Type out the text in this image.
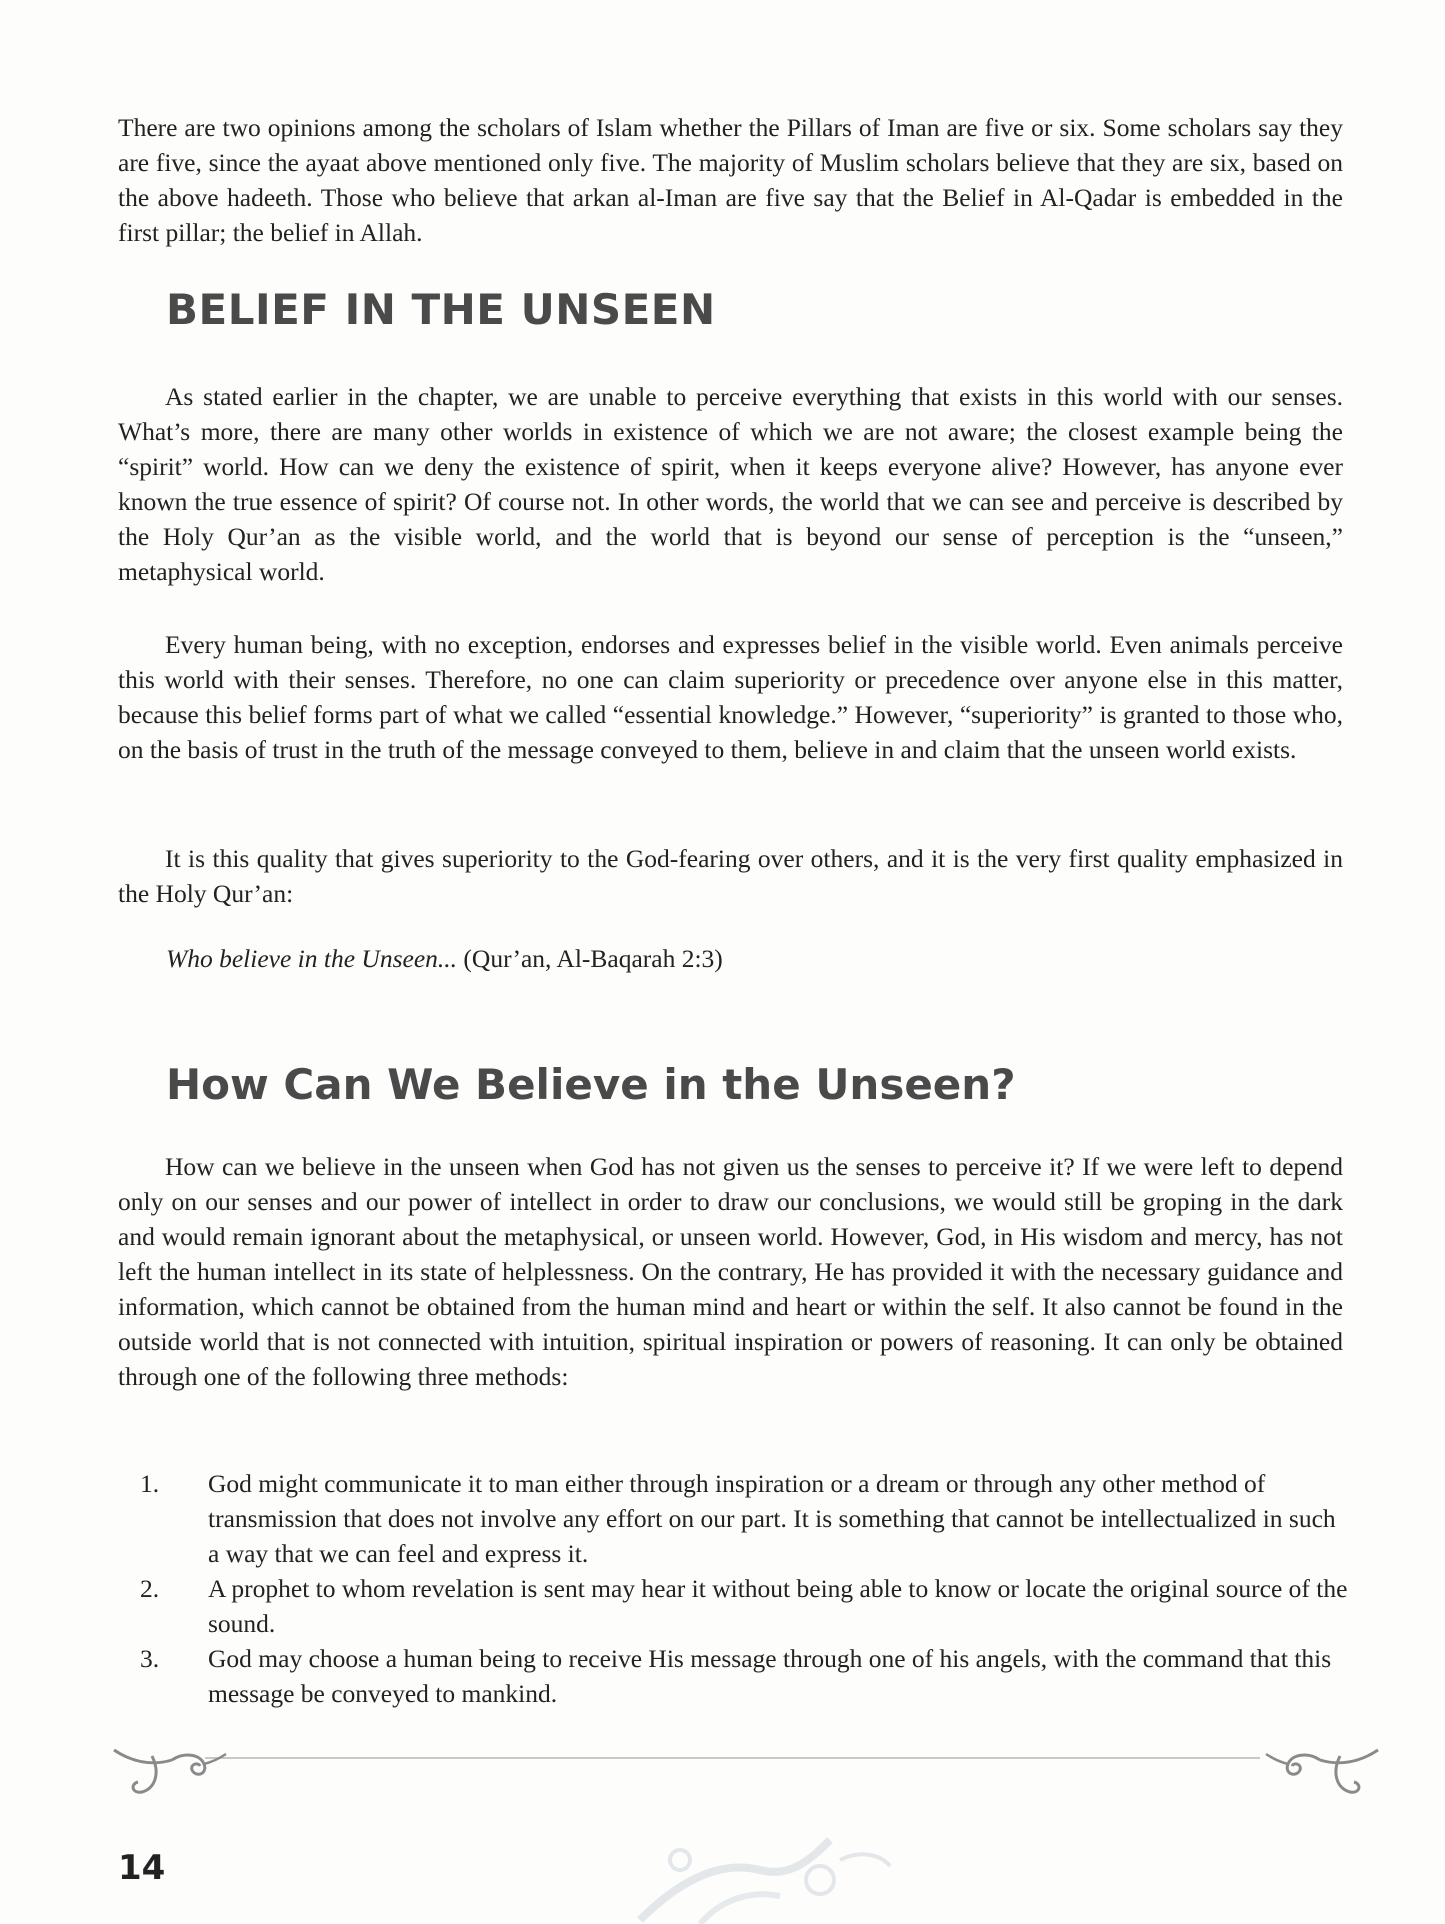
There are two opinions among the scholars of Islam whether the Pillars of Iman are five or six. Some scholars say they are five, since the ayaat above mentioned only five. The majority of Muslim scholars believe that they are six, based on the above hadeeth. Those who believe that arkan al-Iman are five say that the Belief in Al-Qadar is embedded in the first pillar; the belief in Allah.

BELIEF IN THE UNSEEN

As stated earlier in the chapter, we are unable to perceive everything that exists in this world with our senses. What’s more, there are many other worlds in existence of which we are not aware; the closest example being the “spirit” world. How can we deny the existence of spirit, when it keeps everyone alive? However, has anyone ever known the true essence of spirit? Of course not. In other words, the world that we can see and perceive is described by the Holy Qur’an as the visible world, and the world that is beyond our sense of perception is the “unseen,” metaphysical world.

Every human being, with no exception, endorses and expresses belief in the visible world. Even animals perceive this world with their senses. Therefore, no one can claim superiority or precedence over anyone else in this matter, because this belief forms part of what we called “essential knowledge.” However, “superiority” is granted to those who, on the basis of trust in the truth of the message conveyed to them, believe in and claim that the unseen world exists.

It is this quality that gives superiority to the God-fearing over others, and it is the very first quality emphasized in the Holy Qur’an:

Who believe in the Unseen... (Qur’an, Al-Baqarah 2:3)

How Can We Believe in the Unseen?

How can we believe in the unseen when God has not given us the senses to perceive it? If we were left to depend only on our senses and our power of intellect in order to draw our conclusions, we would still be groping in the dark and would remain ignorant about the metaphysical, or unseen world. However, God, in His wisdom and mercy, has not left the human intellect in its state of helplessness. On the contrary, He has provided it with the necessary guidance and information, which cannot be obtained from the human mind and heart or within the self. It also cannot be found in the outside world that is not connected with intuition, spiritual inspiration or powers of reasoning. It can only be obtained through one of the following three methods:

1. God might communicate it to man either through inspiration or a dream or through any other method of transmission that does not involve any effort on our part. It is something that cannot be intellectualized in such a way that we can feel and express it.
2. A prophet to whom revelation is sent may hear it without being able to know or locate the original source of the sound.
3. God may choose a human being to receive His message through one of his angels, with the command that this message be conveyed to mankind.
14
